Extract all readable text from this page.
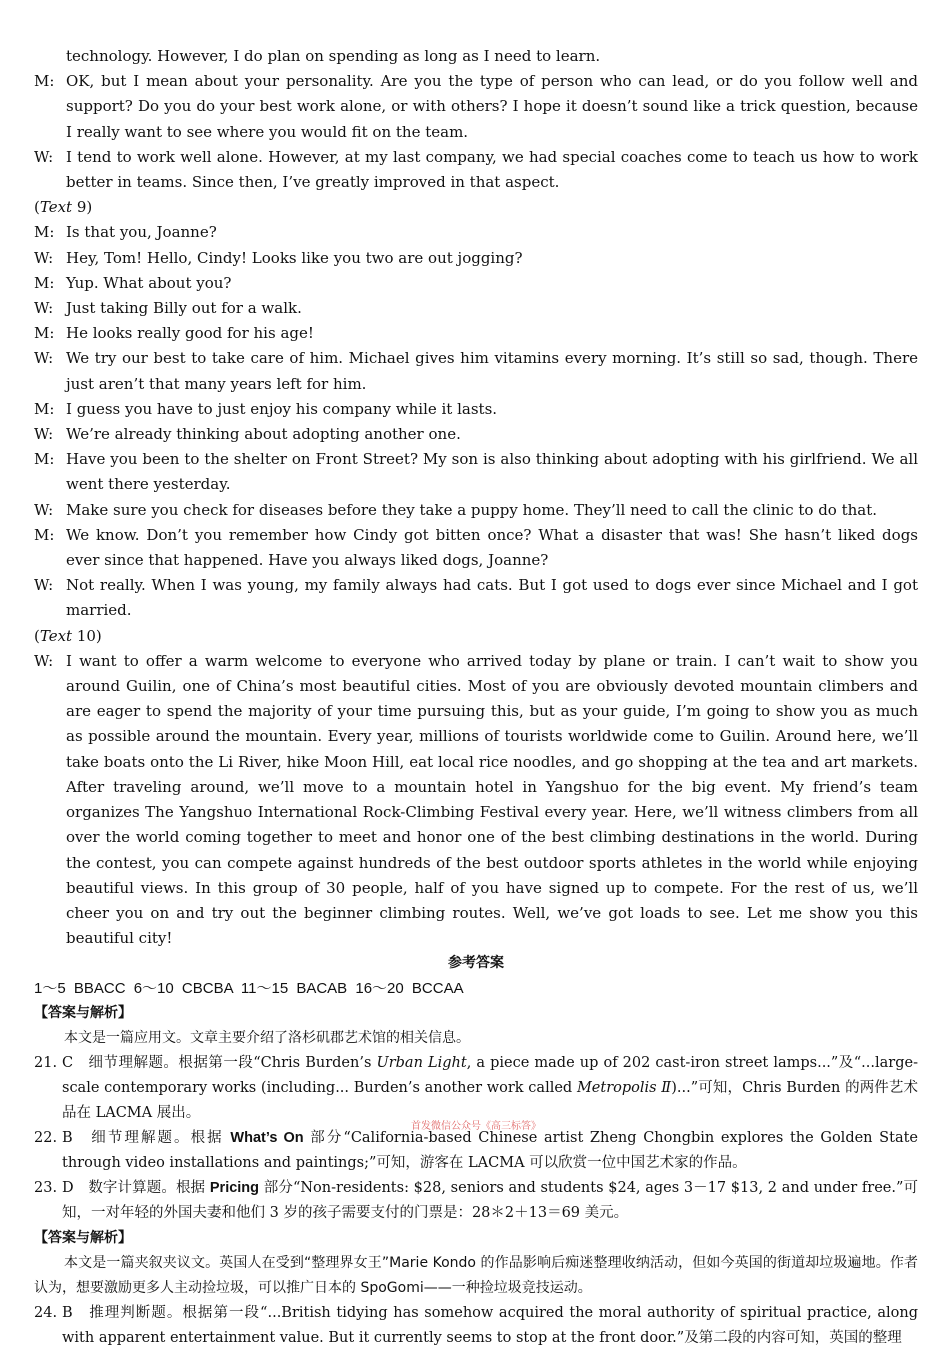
technology. However, I do plan on spending as long as I need to learn.
M: OK, but I mean about your personality. Are you the type of person who can lead, or do you follow well and support? Do you do your best work alone, or with others? I hope it doesn’t sound like a trick question, because I really want to see where you would fit on the team.
W: I tend to work well alone. However, at my last company, we had special coaches come to teach us how to work better in teams. Since then, I’ve greatly improved in that aspect.
(Text 9)
M: Is that you, Joanne?
W: Hey, Tom! Hello, Cindy! Looks like you two are out jogging?
M: Yup. What about you?
W: Just taking Billy out for a walk.
M: He looks really good for his age!
W: We try our best to take care of him. Michael gives him vitamins every morning. It’s still so sad, though. There just aren’t that many years left for him.
M: I guess you have to just enjoy his company while it lasts.
W: We’re already thinking about adopting another one.
M: Have you been to the shelter on Front Street? My son is also thinking about adopting with his girlfriend. We all went there yesterday.
W: Make sure you check for diseases before they take a puppy home. They’ll need to call the clinic to do that.
M: We know. Don’t you remember how Cindy got bitten once? What a disaster that was! She hasn’t liked dogs ever since that happened. Have you always liked dogs, Joanne?
W: Not really. When I was young, my family always had cats. But I got used to dogs ever since Michael and I got married.
(Text 10)
W: I want to offer a warm welcome to everyone who arrived today by plane or train. I can’t wait to show you around Guilin, one of China’s most beautiful cities. Most of you are obviously devoted mountain climbers and are eager to spend the majority of your time pursuing this, but as your guide, I’m going to show you as much as possible around the mountain. Every year, millions of tourists worldwide come to Guilin. Around here, we’ll take boats onto the Li River, hike Moon Hill, eat local rice noodles, and go shopping at the tea and art markets. After traveling around, we’ll move to a mountain hotel in Yangshuo for the big event. My friend’s team organizes The Yangshuo International Rock-Climbing Festival every year. Here, we’ll witness climbers from all over the world coming together to meet and honor one of the best climbing destinations in the world. During the contest, you can compete against hundreds of the best outdoor sports athletes in the world while enjoying beautiful views. In this group of 30 people, half of you have signed up to compete. For the rest of us, we’ll cheer you on and try out the beginner climbing routes. Well, we’ve got loads to see. Let me show you this beautiful city!
参考答案
1～5 BBACC 6～10 CBCBA 11～15 BACAB 16～20 BCCAA
【答案与解析】
本文是一篇应用文。文章主要介绍了洛杉矶郡艺术馆的相关信息。
21. C　细节理解题。根据第一段“Chris Burden’s Urban Light, a piece made up of 202 cast-iron street lamps...”及“...large-scale contemporary works (including... Burden’s another work called Metropolis Ⅱ)...”可知，Chris Burden 的两件艺术品在 LACMA 展出。
首发微信公众号《高三标答》
22. B　细节理解题。根据 What’s On 部分“California-based Chinese artist Zheng Chongbin explores the Golden State through video installations and paintings;”可知，游客在 LACMA 可以欣赏一位中国艺术家的作品。
23. D　数字计算题。根据 Pricing 部分“Non-residents: $28, seniors and students $24, ages 3－17 $13, 2 and under free.”可知，一对年轻的外国夫妻和他们 3 岁的孩子需要支付的门票是：28＊2＋13＝69 美元。
【答案与解析】
本文是一篇夹叙夹议文。英国人在受到“整理界女王”Marie Kondo 的作品影响后痴迷整理收纳活动，但如今英国的街道却垃圾遍地。作者认为，想要激励更多人主动捡垃圾，可以推广日本的 SpoGomi——一种捡垃圾竞技运动。
24. B　推理判断题。根据第一段“...British tidying has somehow acquired the moral authority of spiritual practice, along with apparent entertainment value. But it currently seems to stop at the front door.”及第二段的内容可知，英国的整理
